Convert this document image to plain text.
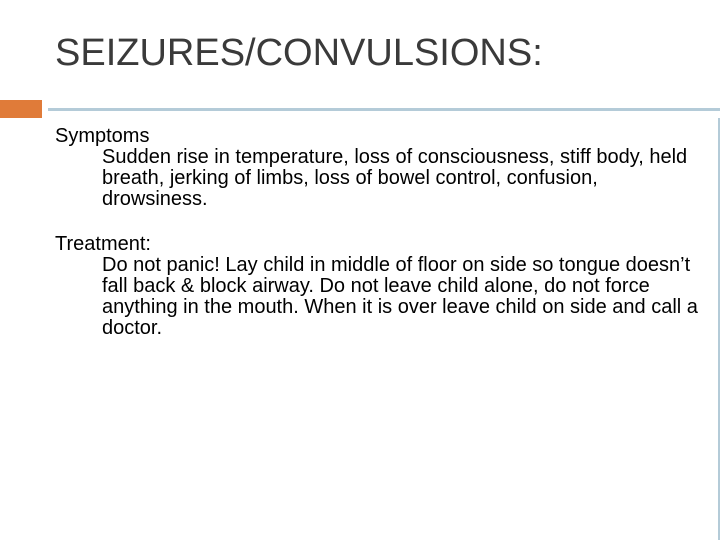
SEIZURES/CONVULSIONS:

Symptoms

Sudden rise in temperature, loss of consciousness, stiff body, held breath, jerking of limbs, loss of bowel control, confusion, drowsiness.

Treatment:

Do not panic! Lay child in middle of floor on side so tongue doesn’t fall back & block airway. Do not leave child alone, do not force anything in the mouth. When it is over leave child on side and call a doctor.
